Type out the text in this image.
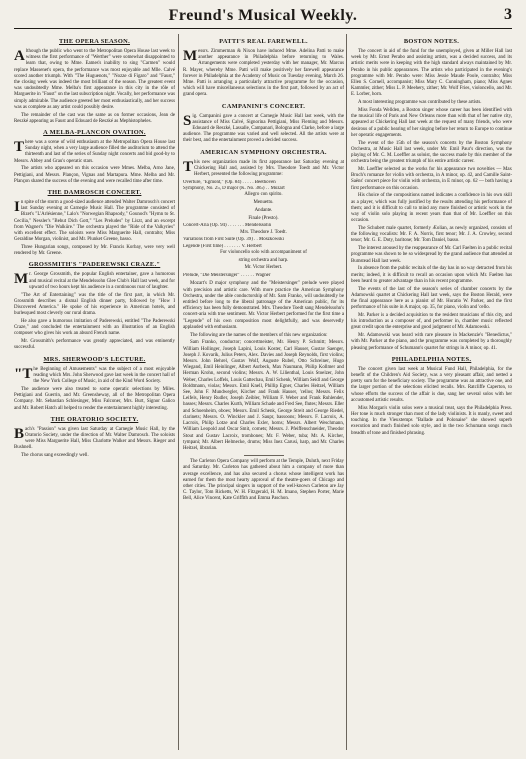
Freund's Musical Weekly.	3
THE OPERA SEASON.

Although the public who went to the Metropolitan Opera House last week to witness the first performance of "Werther" were somewhat disappointed to learn that, owing to Mme. Eames's inability to sing "Carmen" would replace Massenet's opera, the performance was most enjoyable and Mlle. Calvé scored another triumph. With "The Huguenots," "Nozze di Figaro" and "Faust," the closing week was indeed the most brilliant of the season. The greatest event was undoubtedly Mme. Melba's first appearance in this city in the rôle of Marguerite in "Faust" on the last subscription night. Vocally, her performance was simply admirable. The audience greeted her most enthusiastically, and her success was as complete as any artist could possibly desire.

The remainder of the cast was the same as on former occasions, Jean de Reszké appearing as Faust and Edouard de Reszké as Mephistopheles.

A MELBA-PLANCON OVATION.

There was a scene of wild enthusiasm at the Metropolitan Opera House last Sunday night, when a very large audience filled the auditorium to attend the thirteenth and last of the series of Sunday night concerts and bid good-by to Messrs. Abbey and Grau's operatic stars.

The artists who appeared on this occasion were Mmes. Melba, Arno Jane, Pettigiani, and Messrs. Plançon, Vignas and Martapura. Mme. Melba and Mr. Plançon shared the success of the evening and were recalled time after time.

THE DAMROSCH CONCERT.

In spite of the storm a good-sized audience attended Walter Damrosch's concert last Sunday evening at Carnegie Music Hall. The programme consisted of Bizet's "L'Arlésienne," Lalo's "Norwegian Rhapsody," Gounod's "Hymn to St. Cecilia," Nessler's "Behut Dich Gott," "Les Preludes" by Liszt, and an excerpt from Wagner's "Die Walküre." The orchestra played the "Ride of the Valkyries" with excellent effect. The soloists were Miss Marguerite Hall, contralto; Miss Geraldine Morgan, violinist, and Mr. Plunket Greene, basso.

Three Hungarian songs, composed by Mr. Francis Korbay, were very well rendered by Mr. Greene.

GROSSMITH'S "PADEREWSKI CRAZE."

Mr. George Grossmith, the popular English entertainer, gave a humorous and musical recital at the Mendelssohn Glee Club's Hall last week, and for upward of two hours kept his audience in a continuous roar of laughter.

"The Art of Entertaining" was the title of the first part, in which Mr. Grossmith describes a dismal English dinner party, followed by "How I Discovered America." He spoke of his experience in American hotels, and burlesqued most cleverly our rural drama.

He also gave a humorous imitation of Paderewski, entitled "The Paderewski Craze," and concluded the entertainment with an illustration of an English composer who gives his work an absurd French name.

Mr. Grossmith's performance was greatly appreciated, and was eminently successful.

MRS. SHERWOOD'S LECTURE.

"The Beginning of Amusements" was the subject of a most enjoyable reading which Mrs. John Sherwood gave last week in the concert hall of the New York College of Music, in aid of the Kind Word Society.

The audience were also treated to some operatic selections by Miles. Pettigiani and Guerrin, and Mr. Greensheway, all of the Metropolitan Opera Company. Mr. Sebastian Schlesinger, Miss Falconer, Mrs. Burt, Signor Galico and Mr. Robert Hatch all helped to render the entertainment highly interesting.

THE ORATORIO SOCIETY.

Bach's "Passion" was given last Saturday at Carnegie Music Hall, by the Oratorio Society, under the direction of Mr. Walter Damrosch. The soloists were Miss Marguerite Hall, Miss Charlotte Walker and Messrs. Rieger and Bushnell.

The chorus sang exceedingly well.

PATTI'S REAL FAREWELL.

Messrs. Zimmerman & Nixon have induced Mme. Adelina Patti to make another appearance in Philadelphia before returning to Wales. Arrangements were completed yesterday with her manager, Mr. Marcus R. Mayer, whereby Mme. Patti will make positively her farewell appearance forever in Philadelphia at the Academy of Music on Tuesday evening, March 26. Mme. Patti is arranging a particularly attractive programme for the occasion, which will have miscellaneous selections in the first part, followed by an act of grand opera.

CAMPANINI'S CONCERT.

Sig. Campanini gave a concert at Carnegie Music Hall last week, with the assistance of Miss Calvé, Signorina Pettigiani, Miss Fleming and Messrs. Edouard de Reszké, Lassalle, Campanari, Bologna and Clarke, before a large audience. The programme was varied and well selected. All the artists were at their best, and the entertainment proved a decided success.

AMERICAN SYMPHONY ORCHESTRA.

This new organization made its first appearance last Saturday evening at Chickering Hall and, assisted by Mrs. Theodore Toedt and Mr. Victor Herbert, presented the following programme:

Overture, "Egmont," (Op. 84) . . . . . Beethoven
Symphony, No. 25, D major (K. No. 385) . . Mozart

Allegro con spirito.

Menuetto.

Andante.

Finale (Presto).

Concert-Aria (Op. 94) . . . . . . . Mendelssohn

Mrs. Theodore J. Toedt.

Variations from First Suite (Op. 39) . . Moszkowski
Legende (First time) . . . . . . . V. Herbert

For violoncello solo with accompaniment of

string orchestra and harp.

Mr. Victor Herbert.

Prelude, "Die Meistersinger" . . . . . . Wagner

Mozart's D major symphony and the "Meistersinger" prelude were played with precision and artistic care. With more practice the American Symphony Orchestra, under the able conductorship of Mr. Sam Franko, will undoubtedly be entitled before long to the liberal patronage of the American public, for its efficiency has been fully demonstrated. Mrs. Theodore Toedt sang Mendelssohn's concert-aria with true sentiment. Mr. Victor Herbert performed for the first time a "Legende" of his own composition most delightfully, and was deservedly applauded with enthusiasm.

The following are the names of the members of this new organization:

Sam Franko, conductor; concertmeister, Mr. Henry P. Schmitt; Messrs. William Hollinger, Joseph Lapini, Louis Koster, Carl Hauser, Gustav Saenger, Joseph J. Kovarik, Julius Peters, Alex. Davies and Joseph Reynolds, first violins; Messrs. John Behrel, Gustav Wolf, Auguste Rubel, Otto Schreiner, Hugo Wiegand, Emil Heinlinger, Albert Aurbeck, Max Naumann, Philip Kollmer and Herman Krohn, second violins; Messrs. A. W. Lilienthal, Louis Stoelzer, John Weber, Charles Loffels, Louis Gattechau, Emil Schenk, William Seidl and George Boldtmann, violas; Messrs. Emil Knell, Phillip Egner, Charles Heitzel, William See, John F. Mundwegler, Kircher and Frank Hauser, 'cellos; Messrs. Felix Leifels, Henry Rudler, Joseph Zeibler, William F. Weber and Frank Ruhlender, basses; Messrs. Charles Kurth, William Schade and Fred See, flutes; Messrs. Eller and Schoenheim, oboes; Messrs. Emil Schenk, George Streit and George Riedel, clarinets; Messrs. O. Winckler and J. Saupr, bassoons; Messrs. F. Lacroix, A. Lacroix, Philip Lotze and Charles Exler, horns; Messrs. Albert Weschmann, William Leopold and Oscar Smit, cornets; Messrs. J. Pfeiffenschneider, Theodor Stout and Gustav Lacroix, trombones; Mr. F. Weber, tuba; Mr. A. Kircher, tympani; Mr. Albert Helmecke, drums; Miss Inez Carusi, harp, and Mr. Charles Heitzel, librarian.

The Carleton Opera Company will perform at the Temple, Duluth, next Friday and Saturday. Mr. Carleton has gathered about him a company of more than average excellence, and has also secured a chorus whose intelligent work has earned for them the most hearty approval of the theatre-goers of Chicago and other cities. The principal singers in support of the well-known Carleton are Jay C. Taylor, Tom Ricketts, W. H. Fitzgerald, H. M. Imano, Stephen Porter, Marie Bell, Alice Vincent, Kate Griffith and Emma Paschon.

BOSTON NOTES.

The concert in aid of the fund for the unemployed, given at Miller Hall last week by Mr. Ernst Perabo and assisting artists, was a decided success, and its artistic merits were in keeping with the high standard always maintained by Mr. Perabo in his public appearances. The artists who participated in the evening's programme with Mr. Perabo were: Miss Jessie Maude Poole, contralto; Miss Ellen S. Cornell, accompanist; Miss Mary C. Cunningham, piano; Miss Agnes Kammler, zither; Miss L. P. Meehery, zither; Mr. Wolf Fries, violoncello, and Mr. E. Lorber, horn.

A most interesting programme was contributed by these artists.

Miss Fonda Wellden, a Boston singer whose career has been identified with the musical life of Paris and New Orleans more than with that of her native city, appeared at Chickering Hall last week at the request of many friends, who were desirous of a public hearing of her singing before her return to Europe to continue her operatic engagements.

The event of the 15th of the season's concerts by the Boston Symphony Orchestra, at Music Hall last week, under Mr. Emil Paur's direction, was the playing of Mr. C. M. Loeffler as soloist, the success made by this member of the orchestra being the greatest triumph of his entire artistic career.

Mr. Loeffler selected as the works for his appearance two novelties — Max Bruch's romanze for violin with orchestra, in A minor, op. 42, and Camille Saint-Saëns' concert piece for violin with orchestra, in E minor, op. 62 — both having a first performance on this occasion.

His choice of the compositions named indicates a confidence in his own skill as a player, which was fully justified by the results attending his performance of them; and it is difficult to call to mind any more finished or artistic work in the way of violin solo playing in recent years than that of Mr. Loeffler on this occasion.

The Schubert male quartet, formerly Æolian, as newly organized, consists of the following vocalists: Mr. F. A. Norris, first tenor; Mr. J. A. Crowley, second tenor; Mr. G. E. Doty, baritone; Mr. Tom Daniel, basso.

The interest aroused by the reappearance of Mr. Carl Faelten in a public recital programme was shown to be so widespread by the grand audience that attended at Bumstead Hall last week.

In absence from the public recitals of the day has in no way detracted from his merits; indeed, it is difficult to recall an occasion upon which Mr. Faelten has been heard to greater advantage than in his recent programme.

The events of the last of the season's series of chamber concerts by the Adamowski quartet at Chickering Hall last week, says the Boston Herald, were the final appearance here as a pianist of Mr. Horatio W. Parker, and the first performance of his suite in A major, op. 35, for piano, violin and 'cello.

Mr. Parker is a decided acquisition to the resident musicians of this city, and his introduction as a composer of, and performer in, chamber music reflected great credit upon the enterprise and good judgment of Mr. Adamowski.

Mr. Adamowski was heard with rare pleasure in Mackenzie's "Benedictus," with Mr. Parker at the piano, and the programme was completed by a thoroughly pleasing performance of Schumann's quartet for strings in A minor, op. 41.

PHILADELPHIA NOTES.

The concert given last week at Musical Fund Hall, Philadelphia, for the benefit of the Children's Aid Society, was a very pleasant affair, and netted a pretty sum for the beneficiary society. The programme was an attractive one, and the larger portion of the selections elicited recalls. Mrs. Ratcliffe Caperton, to whose efforts the success of the affair is due, sang her several solos with her accustomed artistic results.

Miss Morgan's violin solos were a musical treat, says the Philadelphia Press. Her tone is much stronger than most of the lady violinists. It is manly, sweet and touching. In the Vieuxtemps "Ballade and Polonaise" she showed superb execution and much finished solo style, and in the two Schumann songs much breadth of tone and finished phrasing.
